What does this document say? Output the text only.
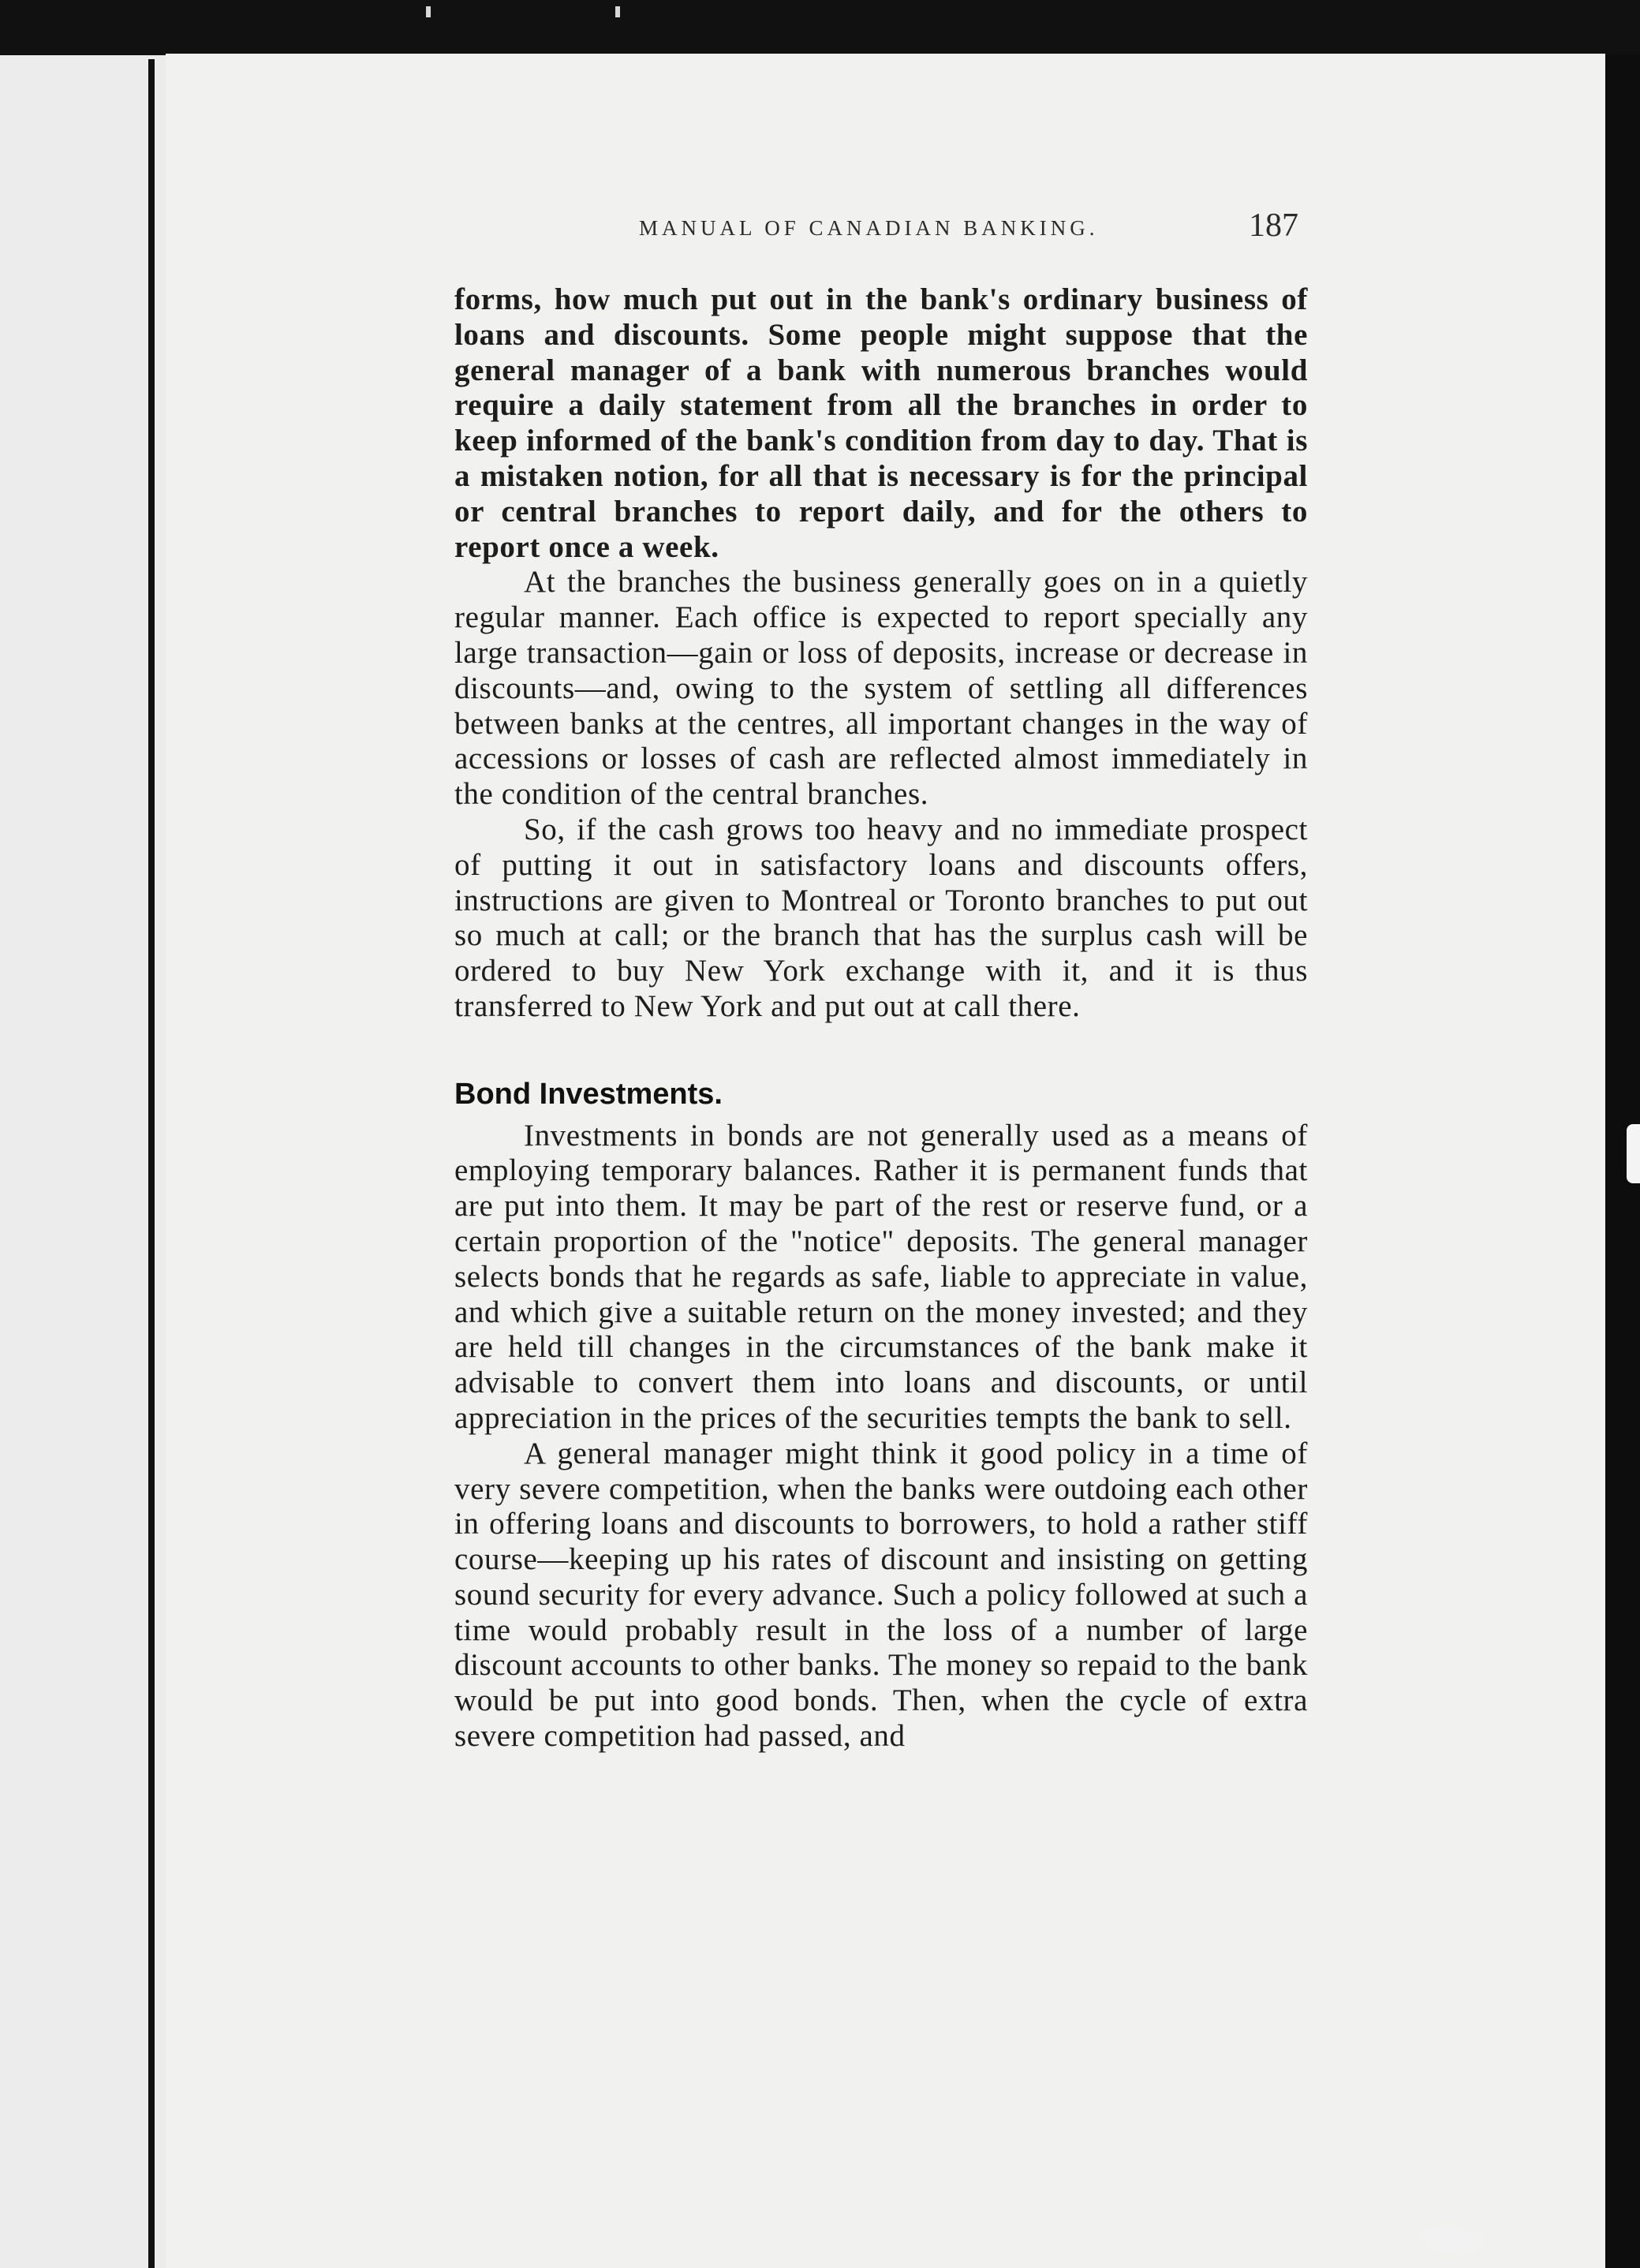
MANUAL OF CANADIAN BANKING.	187

forms, how much put out in the bank's ordinary business of loans and discounts. Some people might suppose that the general manager of a bank with numerous branches would require a daily statement from all the branches in order to keep informed of the bank's condition from day to day. That is a mistaken notion, for all that is necessary is for the principal or central branches to report daily, and for the others to report once a week.

At the branches the business generally goes on in a quietly regular manner. Each office is expected to report specially any large transaction—gain or loss of deposits, increase or decrease in discounts—and, owing to the system of settling all differences between banks at the centres, all important changes in the way of accessions or losses of cash are reflected almost immediately in the condition of the central branches.

So, if the cash grows too heavy and no immediate prospect of putting it out in satisfactory loans and discounts offers, instructions are given to Montreal or Toronto branches to put out so much at call; or the branch that has the surplus cash will be ordered to buy New York exchange with it, and it is thus transferred to New York and put out at call there.

Bond Investments.

Investments in bonds are not generally used as a means of employing temporary balances. Rather it is permanent funds that are put into them. It may be part of the rest or reserve fund, or a certain proportion of the "notice" deposits. The general manager selects bonds that he regards as safe, liable to appreciate in value, and which give a suitable return on the money invested; and they are held till changes in the circumstances of the bank make it advisable to convert them into loans and discounts, or until appreciation in the prices of the securities tempts the bank to sell.

A general manager might think it good policy in a time of very severe competition, when the banks were outdoing each other in offering loans and discounts to borrowers, to hold a rather stiff course—keeping up his rates of discount and insisting on getting sound security for every advance. Such a policy followed at such a time would probably result in the loss of a number of large discount accounts to other banks. The money so repaid to the bank would be put into good bonds. Then, when the cycle of extra severe competition had passed, and
